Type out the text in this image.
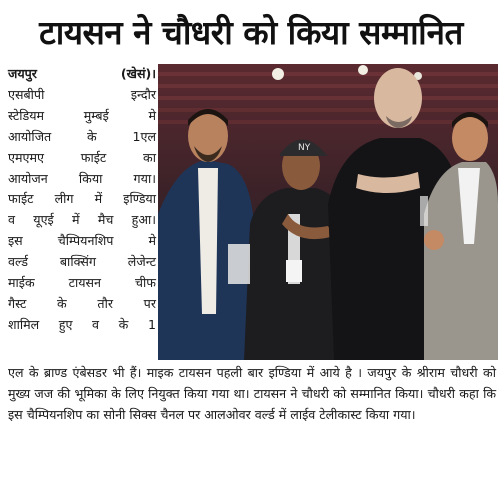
टायसन ने चौधरी को किया सम्मानित

जयपुर (खेसं)।

एसबीपी इन्दौर

स्टेडियम मुम्बई मे

आयोजित के 1एल

एमएमए फाईट का

आयोजन किया गया।

फाईट लीग में इण्डिया

व यूएई में मैच हुआ।

इस चैम्पियनशिप मे

वर्ल्ड बाक्सिंग लेजेन्ट

माईक टायसन चीफ

गैस्ट के तौर पर

शामिल हुए व के 1

NY
एल के ब्राण्ड एंबेसडर भी हैं। माइक टायसन पहली बार इण्डिया में आये है । जयपुर के श्रीराम चौधरी को मुख्य जज की भूमिका के लिए नियुक्त किया गया था। टायसन ने चौधरी को सम्मानित किया। चौधरी कहा कि इस चैम्पियनशिप का सोनी सिक्स चैनल पर आलओवर वर्ल्ड में लाईव टेलीकास्ट किया गया।
